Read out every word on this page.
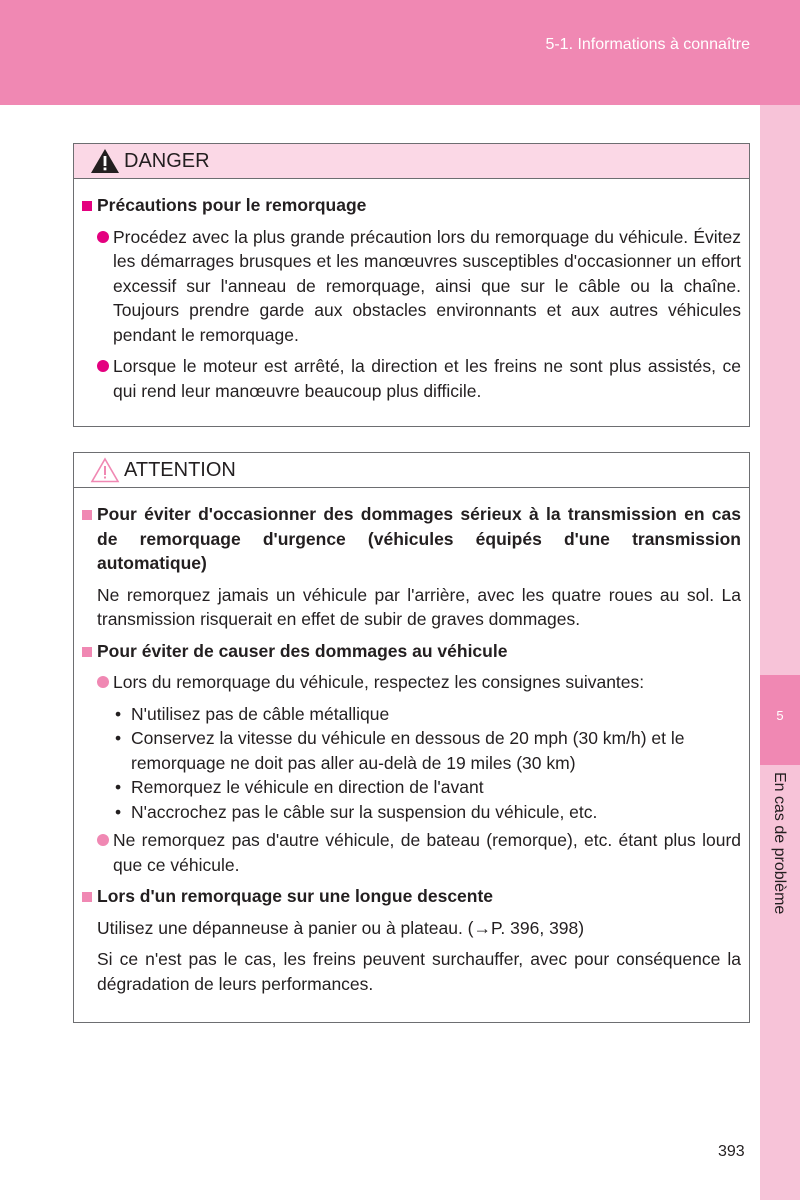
5-1. Informations à connaître
5
En cas de problème
DANGER
Précautions pour le remorquage
Procédez avec la plus grande précaution lors du remorquage du véhicule. Évitez les démarrages brusques et les manœuvres susceptibles d'occasionner un effort excessif sur l'anneau de remorquage, ainsi que sur le câble ou la chaîne. Toujours prendre garde aux obstacles environnants et aux autres véhicules pendant le remorquage.
Lorsque le moteur est arrêté, la direction et les freins ne sont plus assistés, ce qui rend leur manœuvre beaucoup plus difficile.
ATTENTION
Pour éviter d'occasionner des dommages sérieux à la transmission en cas de remorquage d'urgence (véhicules équipés d'une transmission automatique)
Ne remorquez jamais un véhicule par l'arrière, avec les quatre roues au sol. La transmission risquerait en effet de subir de graves dommages.
Pour éviter de causer des dommages au véhicule
Lors du remorquage du véhicule, respectez les consignes suivantes:
• N'utilisez pas de câble métallique
• Conservez la vitesse du véhicule en dessous de 20 mph (30 km/h) et le remorquage ne doit pas aller au-delà de 19 miles (30 km)
• Remorquez le véhicule en direction de l'avant
• N'accrochez pas le câble sur la suspension du véhicule, etc.
Ne remorquez pas d'autre véhicule, de bateau (remorque), etc. étant plus lourd que ce véhicule.
Lors d'un remorquage sur une longue descente
Utilisez une dépanneuse à panier ou à plateau. (→P. 396, 398)
Si ce n'est pas le cas, les freins peuvent surchauffer, avec pour conséquence la dégradation de leurs performances.
393
